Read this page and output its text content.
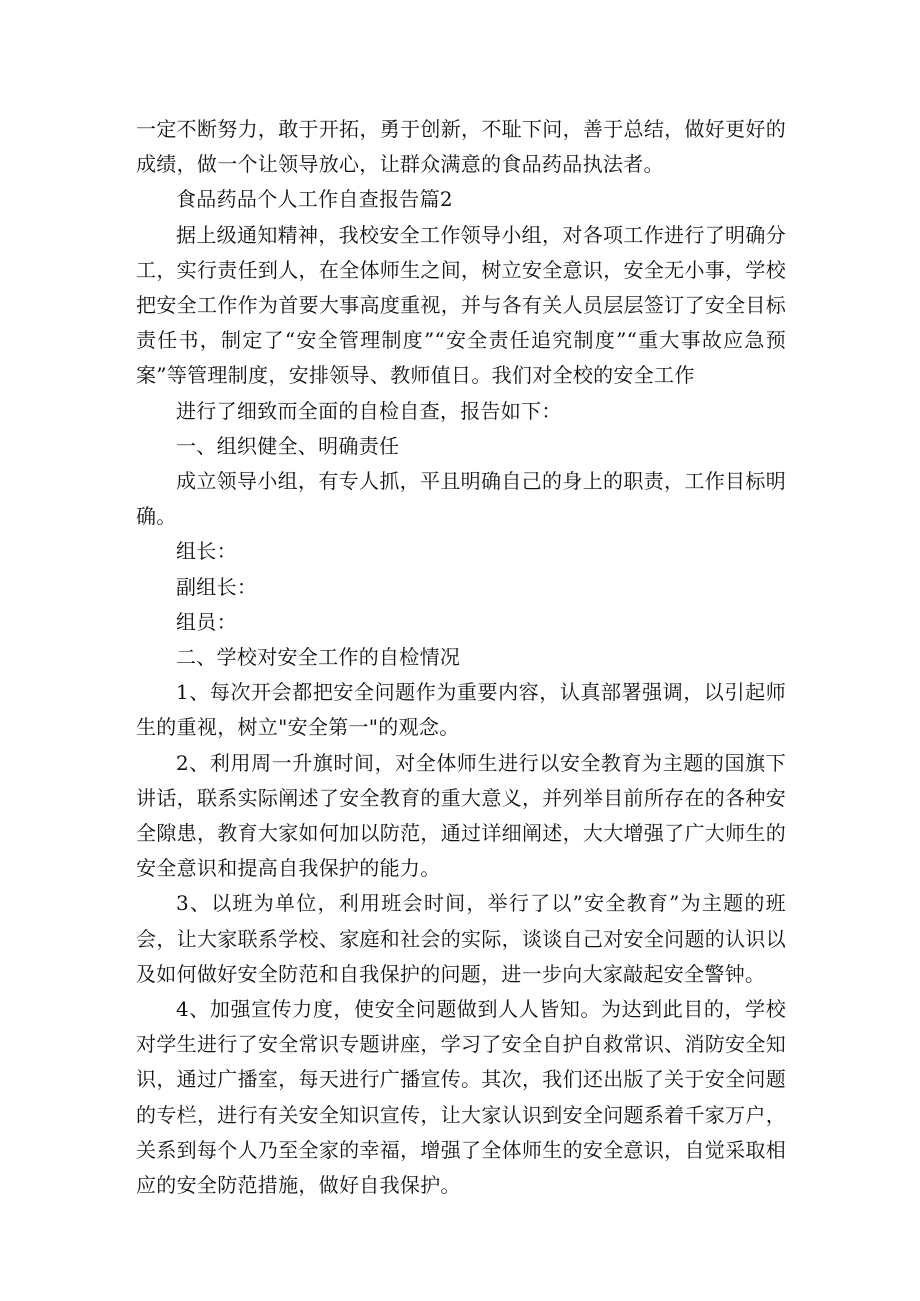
一定不断努力，敢于开拓，勇于创新，不耻下问，善于总结，做好更好的成绩，做一个让领导放心，让群众满意的食品药品执法者。

食品药品个人工作自查报告篇2

据上级通知精神，我校安全工作领导小组，对各项工作进行了明确分工，实行责任到人，在全体师生之间，树立安全意识，安全无小事，学校把安全工作作为首要大事高度重视，并与各有关人员层层签订了安全目标责任书，制定了“安全管理制度”“安全责任追究制度”“重大事故应急预案”等管理制度，安排领导、教师值日。我们对全校的安全工作

进行了细致而全面的自检自查，报告如下：

一、组织健全、明确责任

成立领导小组，有专人抓，平且明确自己的身上的职责，工作目标明确。

组长：

副组长：

组员：

二、学校对安全工作的自检情况

1、每次开会都把安全问题作为重要内容，认真部署强调，以引起师生的重视，树立"安全第一"的观念。

2、利用周一升旗时间，对全体师生进行以安全教育为主题的国旗下讲话，联系实际阐述了安全教育的重大意义，并列举目前所存在的各种安全隙患，教育大家如何加以防范，通过详细阐述，大大增强了广大师生的安全意识和提高自我保护的能力。

3、以班为单位，利用班会时间，举行了以”安全教育”为主题的班会，让大家联系学校、家庭和社会的实际，谈谈自己对安全问题的认识以及如何做好安全防范和自我保护的问题，进一步向大家敲起安全警钟。

4、加强宣传力度，使安全问题做到人人皆知。为达到此目的，学校对学生进行了安全常识专题讲座，学习了安全自护自救常识、消防安全知识，通过广播室，每天进行广播宣传。其次，我们还出版了关于安全问题的专栏，进行有关安全知识宣传，让大家认识到安全问题系着千家万户，关系到每个人乃至全家的幸福，增强了全体师生的安全意识，自觉采取相应的安全防范措施，做好自我保护。
